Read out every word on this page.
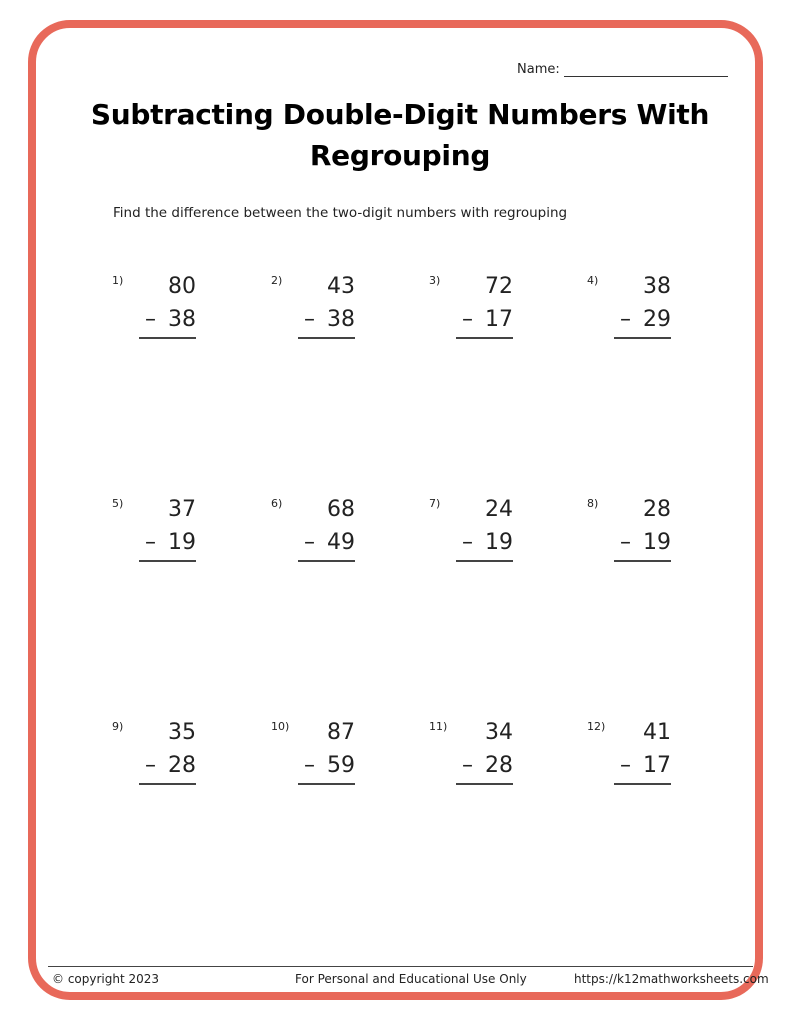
Name:
Subtracting Double-Digit Numbers With
Regrouping
Find the difference between the two-digit numbers with regrouping
1) 80
– 38
2) 43
– 38
3) 72
– 17
4) 38
– 29
5) 37
– 19
6) 68
– 49
7) 24
– 19
8) 28
– 19
9) 35
– 28
10) 87
– 59
11) 34
– 28
12) 41
– 17
© copyright 2023	For Personal and Educational Use Only	https://k12mathworksheets.com
